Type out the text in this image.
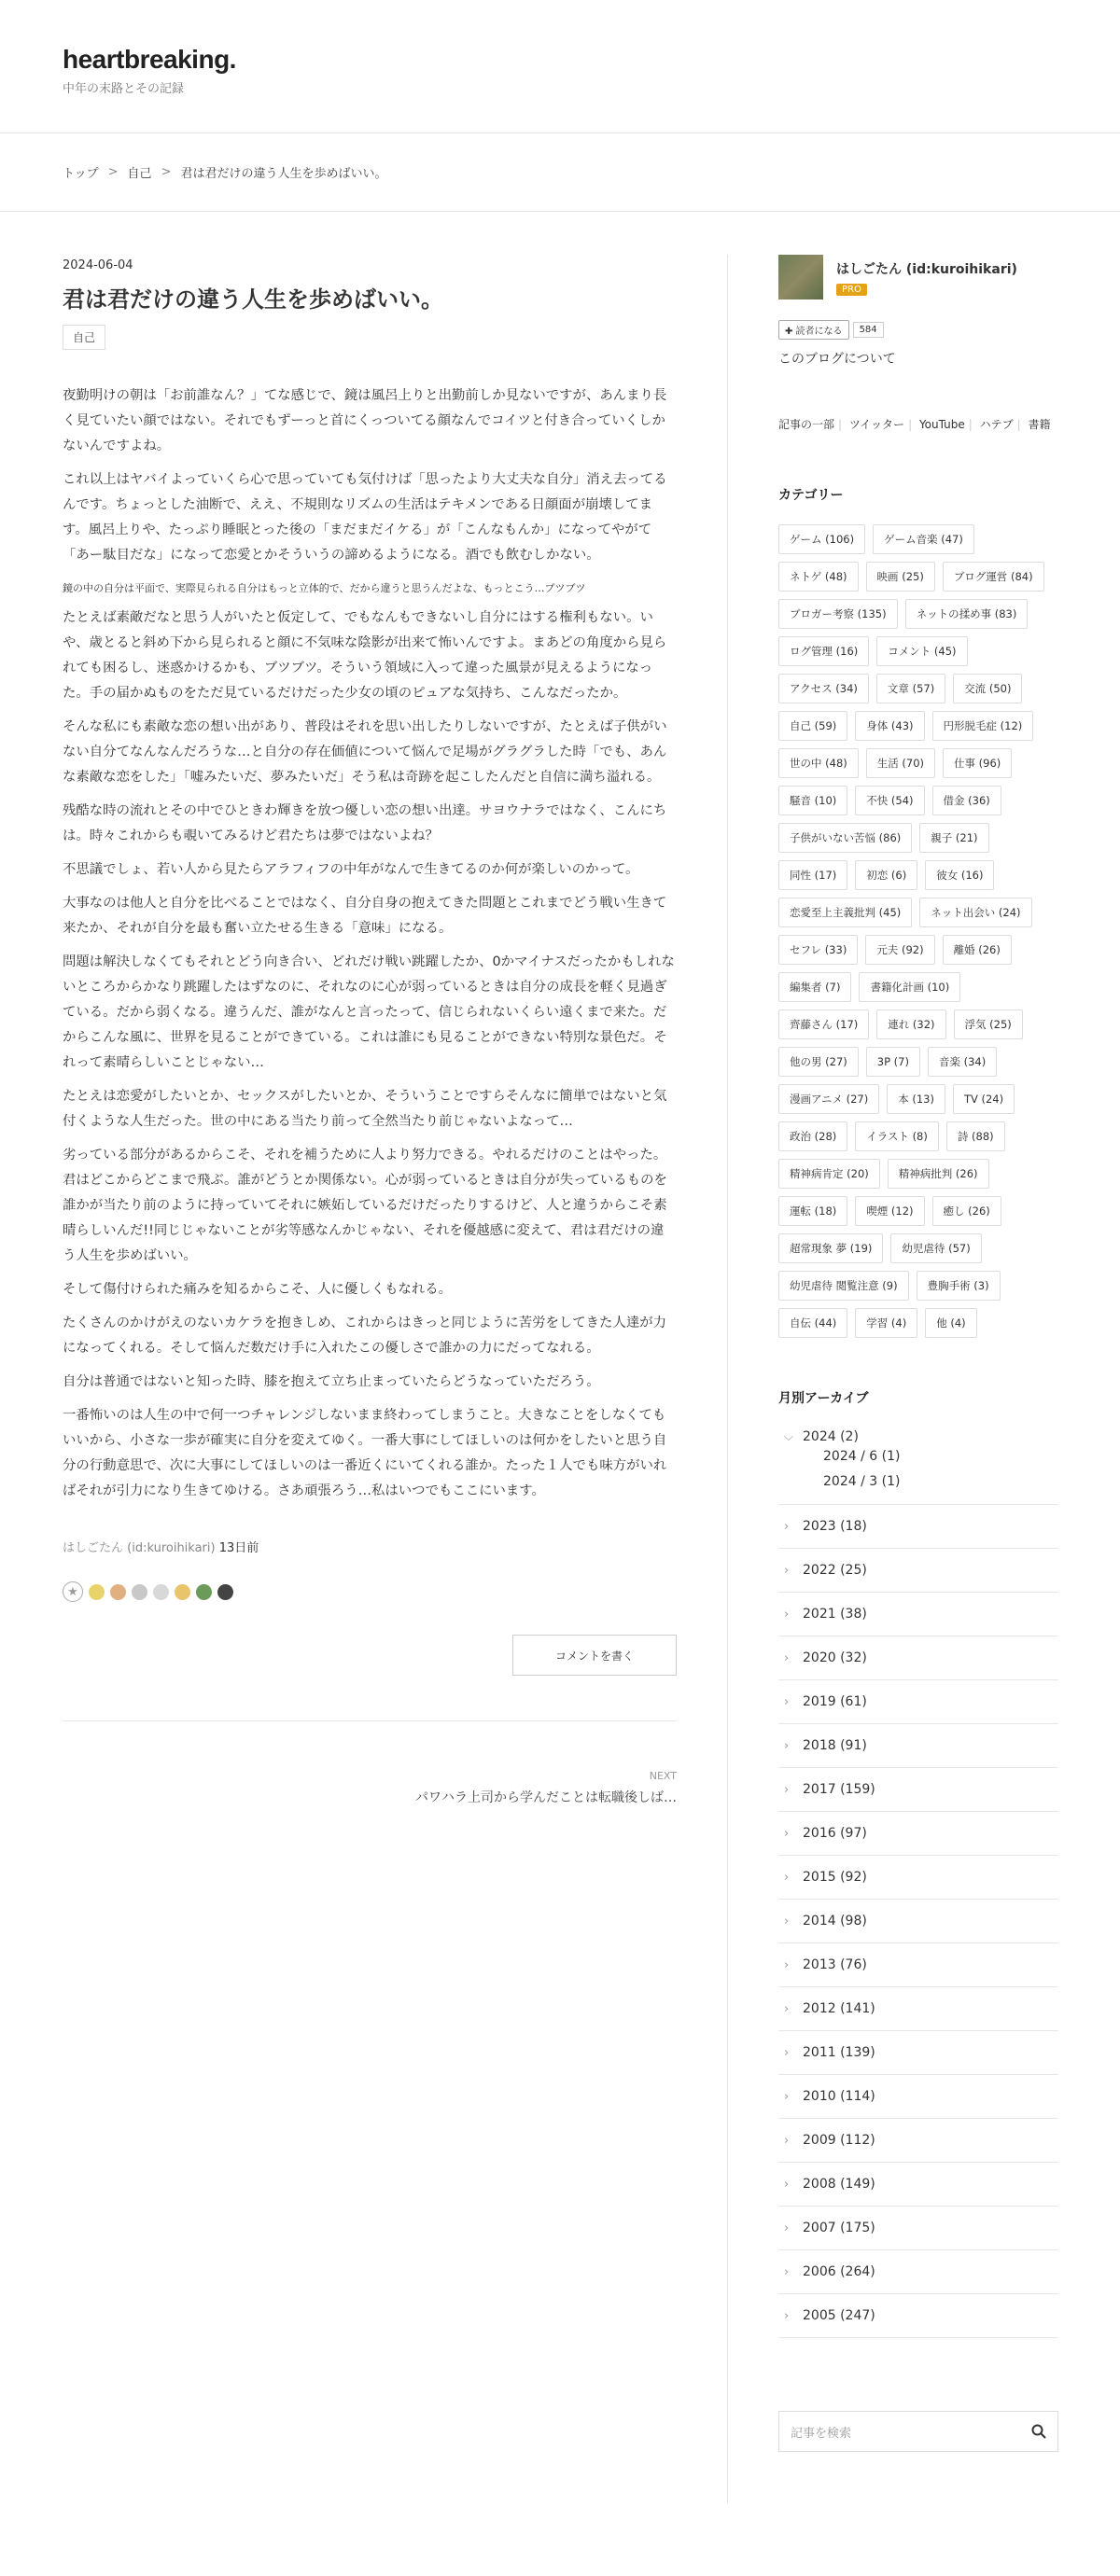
heartbreaking.
中年の末路とその記録
トップ > 自己 > 君は君だけの違う人生を歩めばいい。
2024-06-04
君は君だけの違う人生を歩めばいい。
自己

夜勤明けの朝は「お前誰なん？」てな感じで、鏡は風呂上りと出勤前しか見ないですが、あんまり長く見ていたい顔ではない。それでもずーっと首にくっついてる顔なんでコイツと付き合っていくしかないんですよね。

これ以上はヤバイよっていくら心で思っていても気付けば「思ったより大丈夫な自分」消え去ってるんです。ちょっとした油断で、ええ、不規則なリズムの生活はテキメンである日顔面が崩壊してます。風呂上りや、たっぷり睡眠とった後の「まだまだイケる」が「こんなもんか」になってやがて「あー駄目だな」になって恋愛とかそういうの諦めるようになる。酒でも飲むしかない。

鏡の中の自分は平面で、実際見られる自分はもっと立体的で、だから違うと思うんだよな、もっとこう…ブツブツ

たとえば素敵だなと思う人がいたと仮定して、でもなんもできないし自分にはする権利もない。いや、歳とると斜め下から見られると顔に不気味な陰影が出来て怖いんですよ。まあどの角度から見られても困るし、迷惑かけるかも、ブツブツ。そういう領域に入って違った風景が見えるようになった。手の届かぬものをただ見ているだけだった少女の頃のピュアな気持ち、こんなだったか。

そんな私にも素敵な恋の想い出があり、普段はそれを思い出したりしないですが、たとえば子供がいない自分てなんなんだろうな…と自分の存在価値について悩んで足場がグラグラした時「でも、あんな素敵な恋をした」「嘘みたいだ、夢みたいだ」そう私は奇跡を起こしたんだと自信に満ち溢れる。

残酷な時の流れとその中でひときわ輝きを放つ優しい恋の想い出達。サヨウナラではなく、こんにちは。時々これからも覗いてみるけど君たちは夢ではないよね？

不思議でしょ、若い人から見たらアラフィフの中年がなんで生きてるのか何が楽しいのかって。

大事なのは他人と自分を比べることではなく、自分自身の抱えてきた問題とこれまでどう戦い生きて来たか、それが自分を最も奮い立たせる生きる「意味」になる。

問題は解決しなくてもそれとどう向き合い、どれだけ戦い跳躍したか、0かマイナスだったかもしれないところからかなり跳躍したはずなのに、それなのに心が弱っているときは自分の成長を軽く見過ぎている。だから弱くなる。違うんだ、誰がなんと言ったって、信じられないくらい遠くまで来た。だからこんな風に、世界を見ることができている。これは誰にも見ることができない特別な景色だ。それって素晴らしいことじゃない…

たとえは恋愛がしたいとか、セックスがしたいとか、そういうことですらそんなに簡単ではないと気付くような人生だった。世の中にある当たり前って全然当たり前じゃないよなって…

劣っている部分があるからこそ、それを補うために人より努力できる。やれるだけのことはやった。君はどこからどこまで飛ぶ。誰がどうとか関係ない。心が弱っているときは自分が失っているものを誰かが当たり前のように持っていてそれに嫉妬しているだけだったりするけど、人と違うからこそ素晴らしいんだ!!同じじゃないことが劣等感なんかじゃない、それを優越感に変えて、君は君だけの違う人生を歩めばいい。

そして傷付けられた痛みを知るからこそ、人に優しくもなれる。

たくさんのかけがえのないカケラを抱きしめ、これからはきっと同じように苦労をしてきた人達が力になってくれる。そして悩んだ数だけ手に入れたこの優しさで誰かの力にだってなれる。

自分は普通ではないと知った時、膝を抱えて立ち止まっていたらどうなっていただろう。

一番怖いのは人生の中で何一つチャレンジしないまま終わってしまうこと。大きなことをしなくてもいいから、小さな一歩が確実に自分を変えてゆく。一番大事にしてほしいのは何かをしたいと思う自分の行動意思で、次に大事にしてほしいのは一番近くにいてくれる誰か。たった１人でも味方がいればそれが引力になり生きてゆける。さあ頑張ろう…私はいつでもここにいます。

はしごたん (id:kuroihikari) 13日前
★
コメントを書く
NEXT
パワハラ上司から学んだことは転職後しば…
はしごたん (id:kuroihikari)
PRO
✚ 読者になる	584
このブログについて
記事の一部 | ツイッター | YouTube | ハテブ | 書籍
カテゴリー
ゲーム (106)	ゲーム音楽 (47)
ネトゲ (48)	映画 (25)	ブログ運営 (84)
ブロガー考察 (135)	ネットの揉め事 (83)
ログ管理 (16)	コメント (45)
アクセス (34)	文章 (57)	交流 (50)
自己 (59)	身体 (43)	円形脱毛症 (12)
世の中 (48)	生活 (70)	仕事 (96)
騒音 (10)	不快 (54)	借金 (36)
子供がいない苦悩 (86)	親子 (21)
同性 (17)	初恋 (6)	彼女 (16)
恋愛至上主義批判 (45)	ネット出会い (24)
セフレ (33)	元夫 (92)	離婚 (26)
編集者 (7)	書籍化計画 (10)
齊藤さん (17)	連れ (32)	浮気 (25)
他の男 (27)	3P (7)	音楽 (34)
漫画アニメ (27)	本 (13)	TV (24)
政治 (28)	イラスト (8)	詩 (88)
精神病肯定 (20)	精神病批判 (26)
運転 (18)	喫煙 (12)	癒し (26)
超常現象 夢 (19)	幼児虐待 (57)
幼児虐待 閲覧注意 (9)	豊胸手術 (3)
自伝 (44)	学習 (4)	他 (4)
月別アーカイブ
⌵ 2024 (2)
2024 / 6 (1)
2024 / 3 (1)
›	2023 (18)
›	2022 (25)
›	2021 (38)
›	2020 (32)
›	2019 (61)
›	2018 (91)
›	2017 (159)
›	2016 (97)
›	2015 (92)
›	2014 (98)
›	2013 (76)
›	2012 (141)
›	2011 (139)
›	2010 (114)
›	2009 (112)
›	2008 (149)
›	2007 (175)
›	2006 (264)
›	2005 (247)
記事を検索
